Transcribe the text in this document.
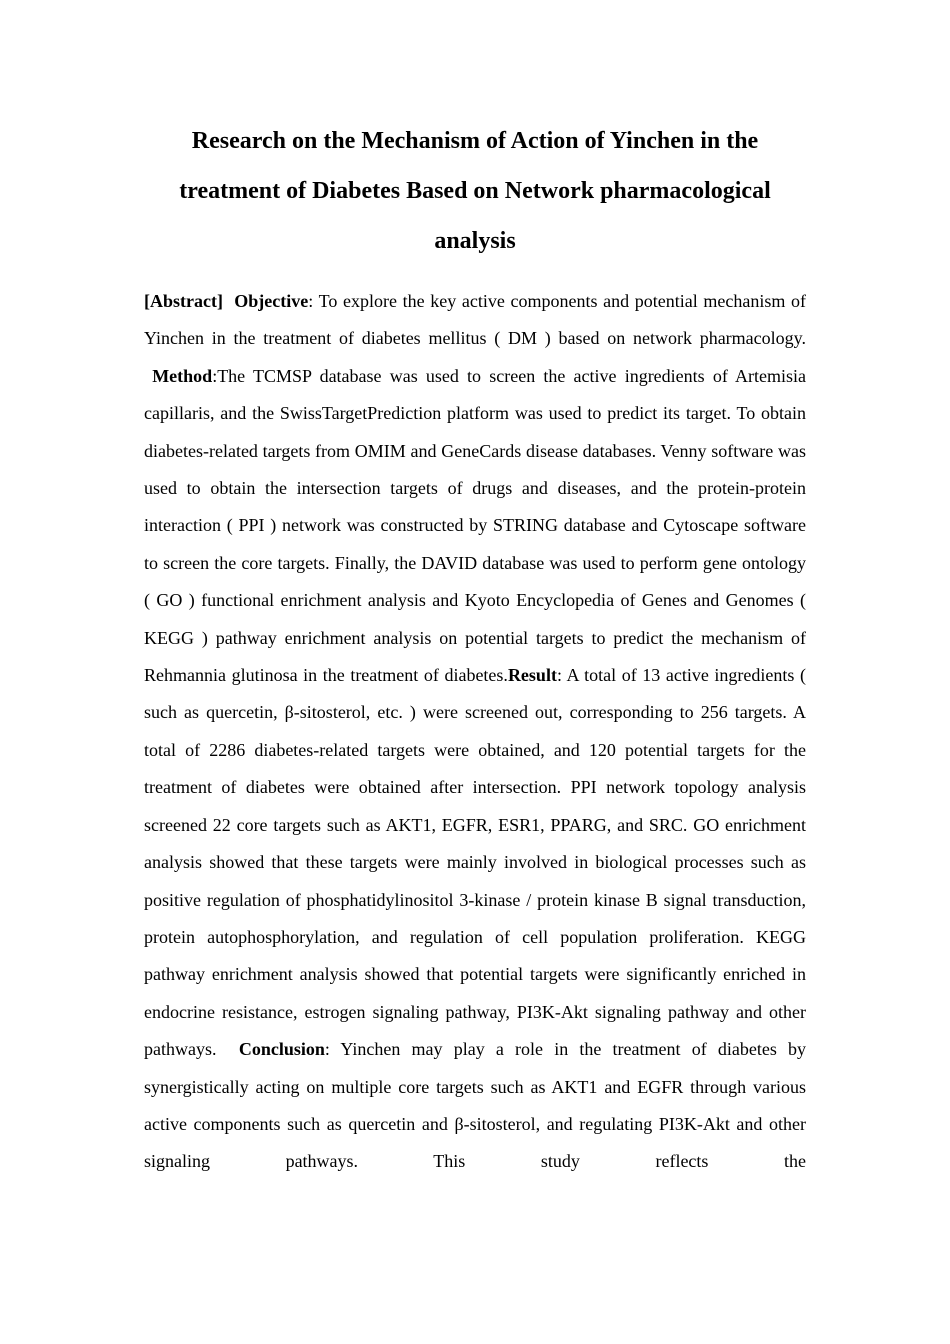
Research on the Mechanism of Action of Yinchen in the
treatment of Diabetes Based on Network pharmacological
analysis

[Abstract] Objective: To explore the key active components and potential mechanism of Yinchen in the treatment of diabetes mellitus ( DM ) based on network pharmacology.  Method:The TCMSP database was used to screen the active ingredients of Artemisia capillaris, and the SwissTargetPrediction platform was used to predict its target. To obtain diabetes-related targets from OMIM and GeneCards disease databases. Venny software was used to obtain the intersection targets of drugs and diseases, and the protein-protein interaction ( PPI ) network was constructed by STRING database and Cytoscape software to screen the core targets. Finally, the DAVID database was used to perform gene ontology ( GO ) functional enrichment analysis and Kyoto Encyclopedia of Genes and Genomes ( KEGG ) pathway enrichment analysis on potential targets to predict the mechanism of Rehmannia glutinosa in the treatment of diabetes.Result: A total of 13 active ingredients ( such as quercetin, β-sitosterol, etc. ) were screened out, corresponding to 256 targets. A total of 2286 diabetes-related targets were obtained, and 120 potential targets for the treatment of diabetes were obtained after intersection. PPI network topology analysis screened 22 core targets such as AKT1, EGFR, ESR1, PPARG, and SRC. GO enrichment analysis showed that these targets were mainly involved in biological processes such as positive regulation of phosphatidylinositol 3-kinase / protein kinase B signal transduction, protein autophosphorylation, and regulation of cell population proliferation. KEGG pathway enrichment analysis showed that potential targets were significantly enriched in endocrine resistance, estrogen signaling pathway, PI3K-Akt signaling pathway and other pathways.  Conclusion: Yinchen may play a role in the treatment of diabetes by synergistically acting on multiple core targets such as AKT1 and EGFR through various active components such as quercetin and β-sitosterol, and regulating PI3K-Akt and other signaling pathways. This study reflects the
